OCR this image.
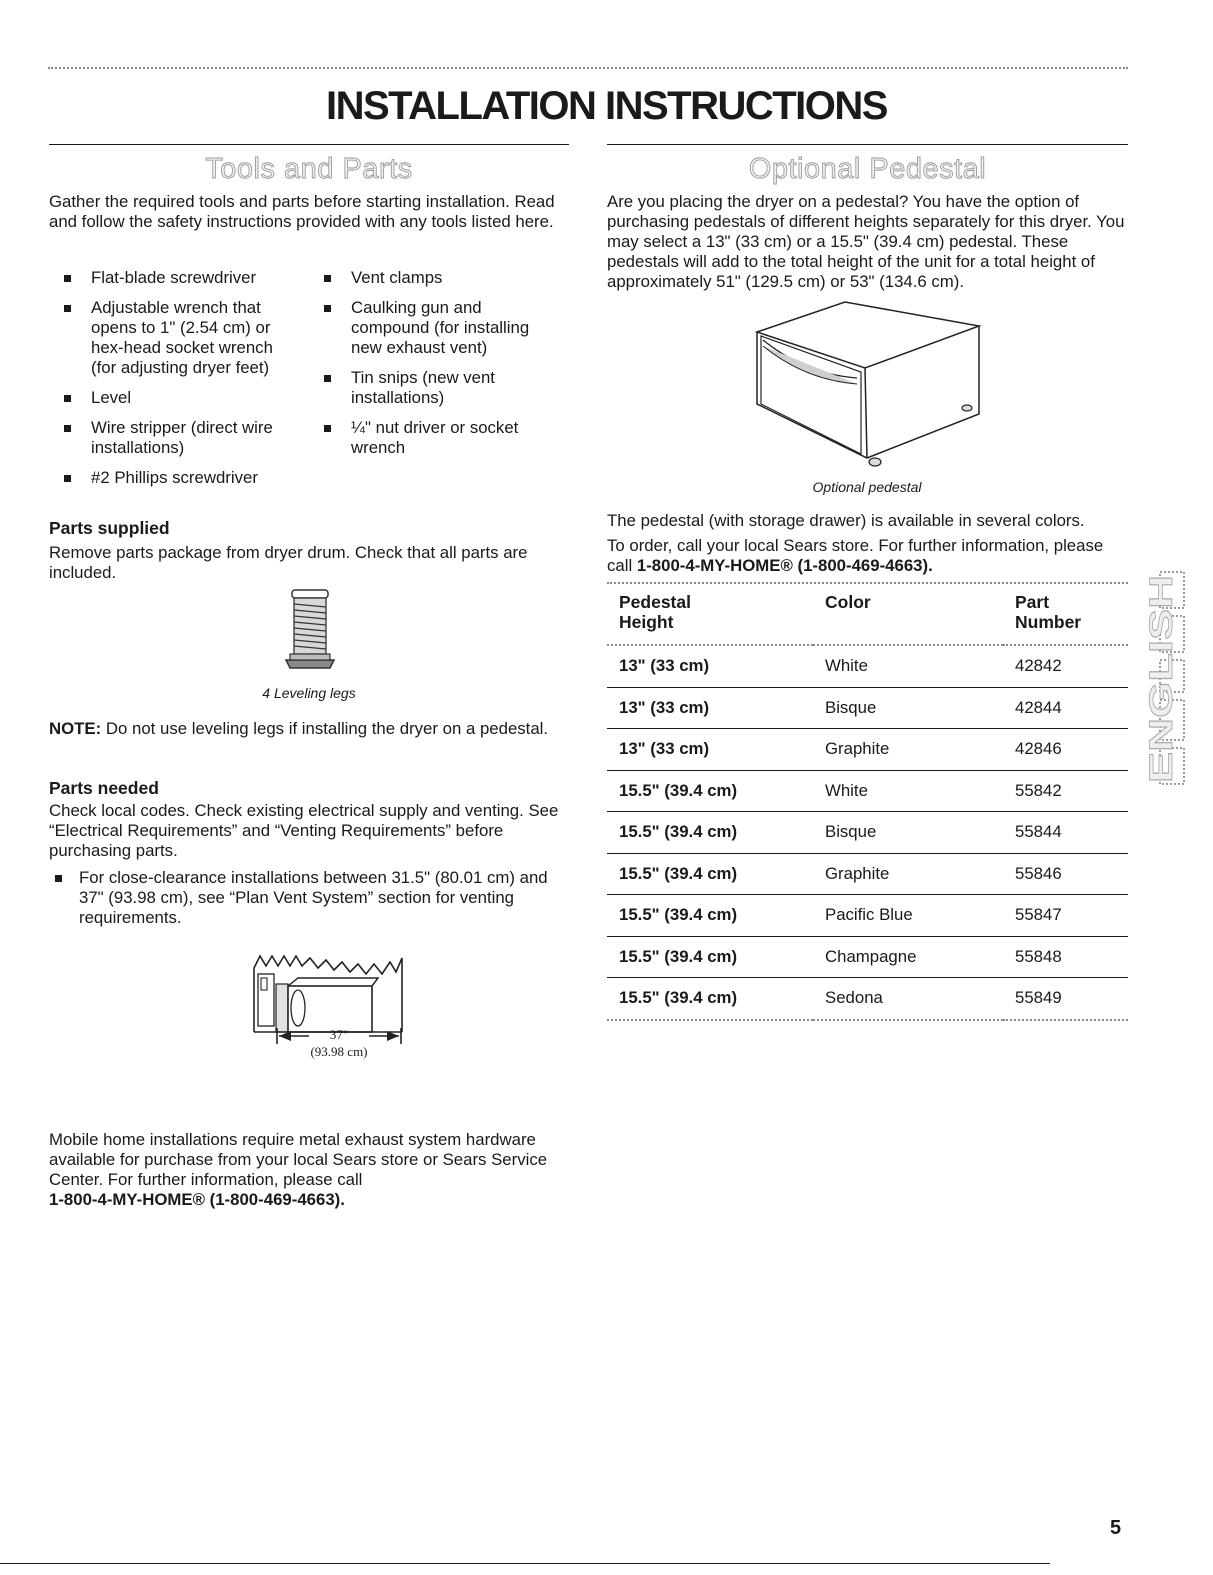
INSTALLATION INSTRUCTIONS
Tools and Parts

Gather the required tools and parts before starting installation. Read and follow the safety instructions provided with any tools listed here.

Flat-blade screwdriver
Adjustable wrench that opens to 1" (2.54 cm) or hex-head socket wrench (for adjusting dryer feet)
Level
Wire stripper (direct wire installations)
#2 Phillips screwdriver
Vent clamps
Caulking gun and compound (for installing new exhaust vent)
Tin snips (new vent installations)
¼" nut driver or socket wrench

Parts supplied

Remove parts package from dryer drum. Check that all parts are included.

4 Leveling legs

NOTE: Do not use leveling legs if installing the dryer on a pedestal.

Parts needed

Check local codes. Check existing electrical supply and venting. See “Electrical Requirements” and “Venting Requirements” before purchasing parts.

For close-clearance installations between 31.5" (80.01 cm) and 37" (93.98 cm), see “Plan Vent System” section for venting requirements.
37"
(93.98 cm)

Mobile home installations require metal exhaust system hardware available for purchase from your local Sears store or Sears Service Center. For further information, please call
1-800-4-MY-HOME® (1-800-469-4663).

Optional Pedestal

Are you placing the dryer on a pedestal? You have the option of purchasing pedestals of different heights separately for this dryer. You may select a 13" (33 cm) or a 15.5" (39.4 cm) pedestal. These pedestals will add to the total height of the unit for a total height of approximately 51" (129.5 cm) or 53" (134.6 cm).

Optional pedestal

The pedestal (with storage drawer) is available in several colors.

To order, call your local Sears store. For further information, please call 1-800-4-MY-HOME® (1-800-469-4663).

Pedestal Height	Color	Part Number

13" (33 cm)	White	42842
13" (33 cm)	Bisque	42844
13" (33 cm)	Graphite	42846
15.5" (39.4 cm)	White	55842
15.5" (39.4 cm)	Bisque	55844
15.5" (39.4 cm)	Graphite	55846
15.5" (39.4 cm)	Pacific Blue	55847
15.5" (39.4 cm)	Champagne	55848
15.5" (39.4 cm)	Sedona	55849
ENGLISH

5
